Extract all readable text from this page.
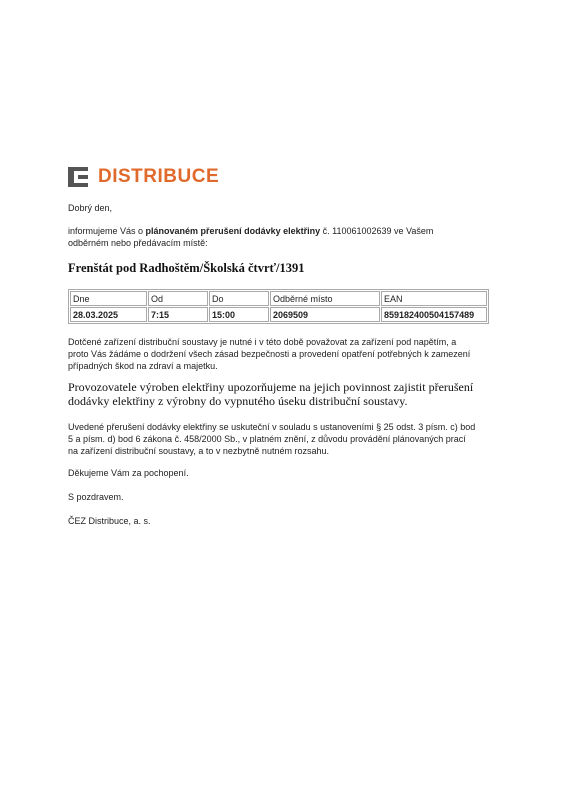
DISTRIBUCE
Dobrý den,
informujeme Vás o plánovaném přerušení dodávky elektřiny č. 110061002639 ve Vašem
odběrném nebo předávacím místě:
Frenštát pod Radhoštěm/Školská čtvrť/1391
Dne	Od	Do	Odběrné místo	EAN
28.03.2025	7:15	15:00	2069509	859182400504157489
Dotčené zařízení distribuční soustavy je nutné i v této době považovat za zařízení pod napětím, a
proto Vás žádáme o dodržení všech zásad bezpečnosti a provedení opatření potřebných k zamezení
případných škod na zdraví a majetku.
Provozovatele výroben elektřiny upozorňujeme na jejich povinnost zajistit přerušení dodávky elektřiny z výrobny do vypnutého úseku distribuční soustavy.
Uvedené přerušení dodávky elektřiny se uskuteční v souladu s ustanoveními § 25 odst. 3 písm. c) bod
5 a písm. d) bod 6 zákona č. 458/2000 Sb., v platném znění, z důvodu provádění plánovaných prací
na zařízení distribuční soustavy, a to v nezbytně nutném rozsahu.
Děkujeme Vám za pochopení.
S pozdravem.
ČEZ Distribuce, a. s.
